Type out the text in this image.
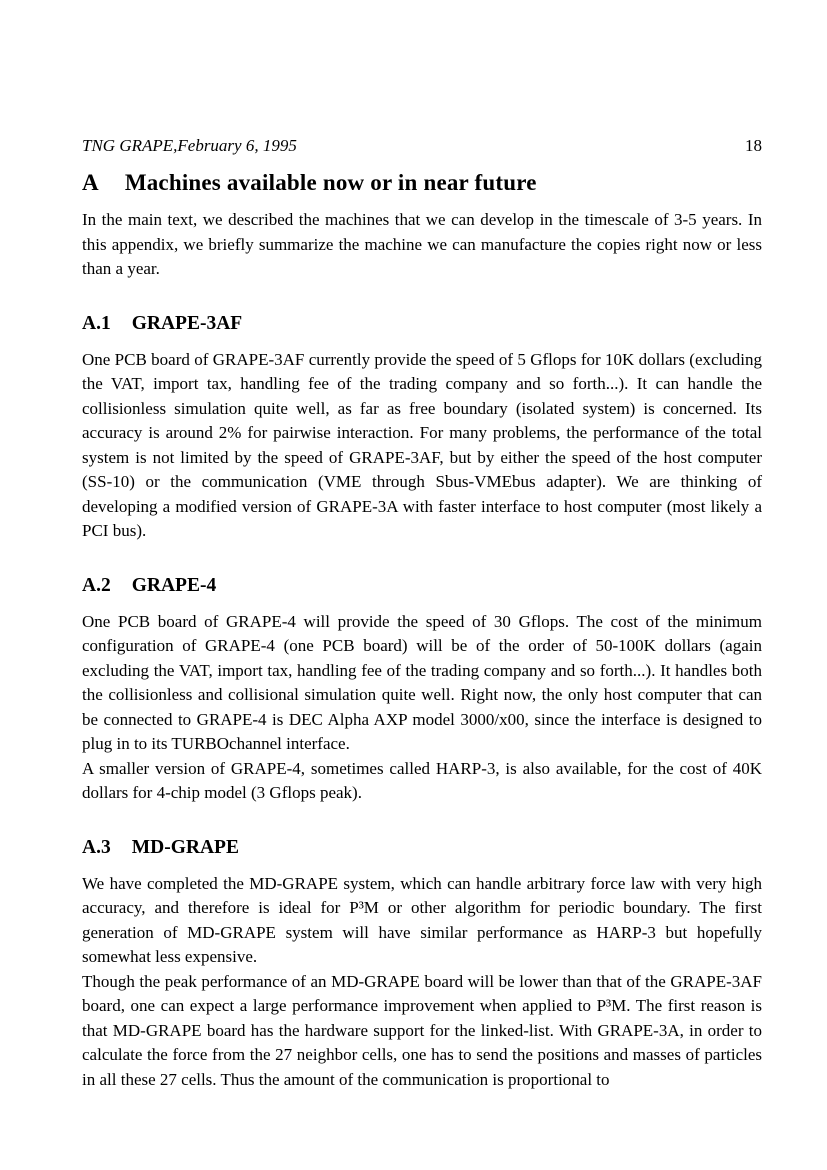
TNG GRAPE,February 6, 1995	18
A Machines available now or in near future

In the main text, we described the machines that we can develop in the timescale of 3-5 years. In this appendix, we briefly summarize the machine we can manufacture the copies right now or less than a year.

A.1 GRAPE-3AF

One PCB board of GRAPE-3AF currently provide the speed of 5 Gflops for 10K dollars (excluding the VAT, import tax, handling fee of the trading company and so forth...). It can handle the collisionless simulation quite well, as far as free boundary (isolated system) is concerned. Its accuracy is around 2% for pairwise interaction. For many problems, the performance of the total system is not limited by the speed of GRAPE-3AF, but by either the speed of the host computer (SS-10) or the communication (VME through Sbus-VMEbus adapter). We are thinking of developing a modified version of GRAPE-3A with faster interface to host computer (most likely a PCI bus).

A.2 GRAPE-4

One PCB board of GRAPE-4 will provide the speed of 30 Gflops. The cost of the minimum configuration of GRAPE-4 (one PCB board) will be of the order of 50-100K dollars (again excluding the VAT, import tax, handling fee of the trading company and so forth...). It handles both the collisionless and collisional simulation quite well. Right now, the only host computer that can be connected to GRAPE-4 is DEC Alpha AXP model 3000/x00, since the interface is designed to plug in to its TURBOchannel interface.

A smaller version of GRAPE-4, sometimes called HARP-3, is also available, for the cost of 40K dollars for 4-chip model (3 Gflops peak).

A.3 MD-GRAPE

We have completed the MD-GRAPE system, which can handle arbitrary force law with very high accuracy, and therefore is ideal for P³M or other algorithm for periodic boundary. The first generation of MD-GRAPE system will have similar performance as HARP-3 but hopefully somewhat less expensive.

Though the peak performance of an MD-GRAPE board will be lower than that of the GRAPE-3AF board, one can expect a large performance improvement when applied to P³M. The first reason is that MD-GRAPE board has the hardware support for the linked-list. With GRAPE-3A, in order to calculate the force from the 27 neighbor cells, one has to send the positions and masses of particles in all these 27 cells. Thus the amount of the communication is proportional to
